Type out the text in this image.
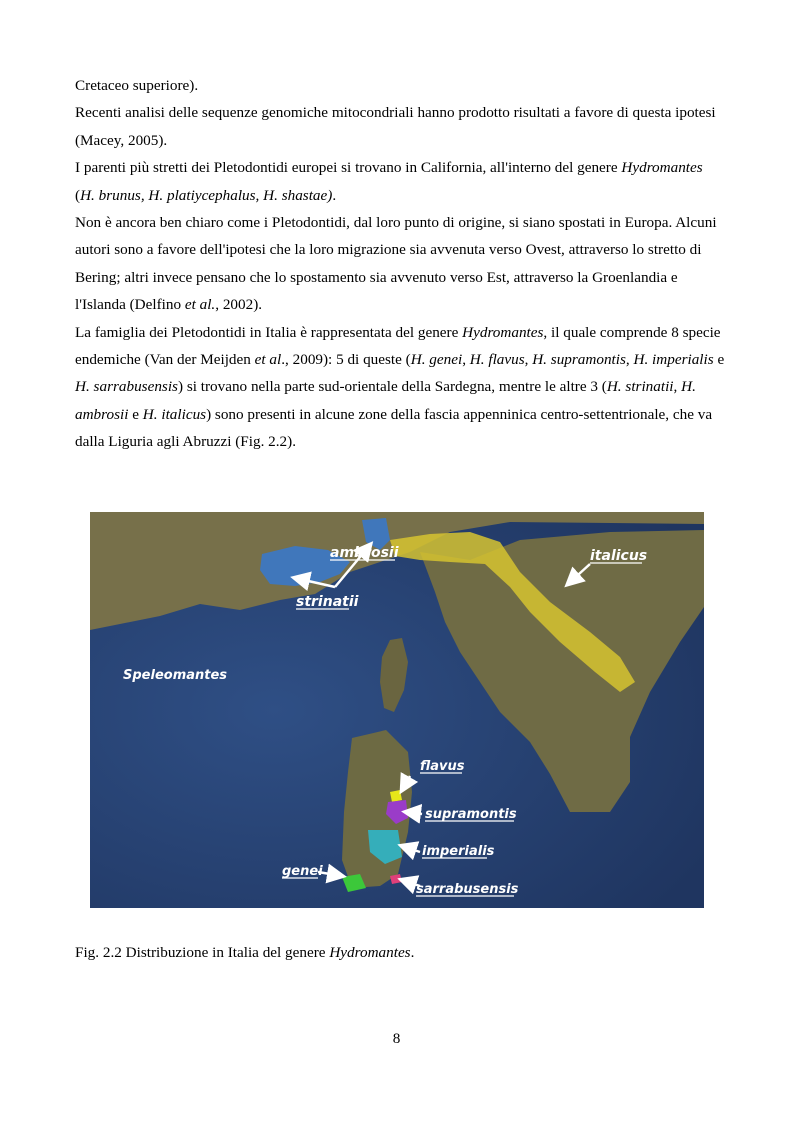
Cretaceo superiore).

Recenti analisi delle sequenze genomiche mitocondriali hanno prodotto risultati a favore di questa ipotesi (Macey, 2005).

I parenti più stretti dei Pletodontidi europei si trovano in California, all'interno del genere Hydromantes (H. brunus, H. platiycephalus, H. shastae).

Non è ancora ben chiaro come i Pletodontidi, dal loro punto di origine, si siano spostati in Europa. Alcuni autori sono a favore dell'ipotesi che la loro migrazione sia avvenuta verso Ovest, attraverso lo stretto di Bering; altri invece pensano che lo spostamento sia avvenuto verso Est, attraverso la Groenlandia e l'Islanda (Delfino et al., 2002).

La famiglia dei Pletodontidi in Italia è rappresentata del genere Hydromantes, il quale comprende 8 specie endemiche (Van der Meijden et al., 2009): 5 di queste (H. genei, H. flavus, H. supramontis, H. imperialis e H. sarrabusensis) si trovano nella parte sud-orientale della Sardegna, mentre le altre 3 (H. strinatii, H. ambrosii e H. italicus) sono presenti in alcune zone della fascia appenninica centro-settentrionale, che va dalla Liguria agli Abruzzi (Fig. 2.2).

ambrosii
strinatii
italicus
Speleomantes
flavus
supramontis
imperialis
genei
sarrabusensis
Fig. 2.2 Distribuzione in Italia del genere Hydromantes.
8
